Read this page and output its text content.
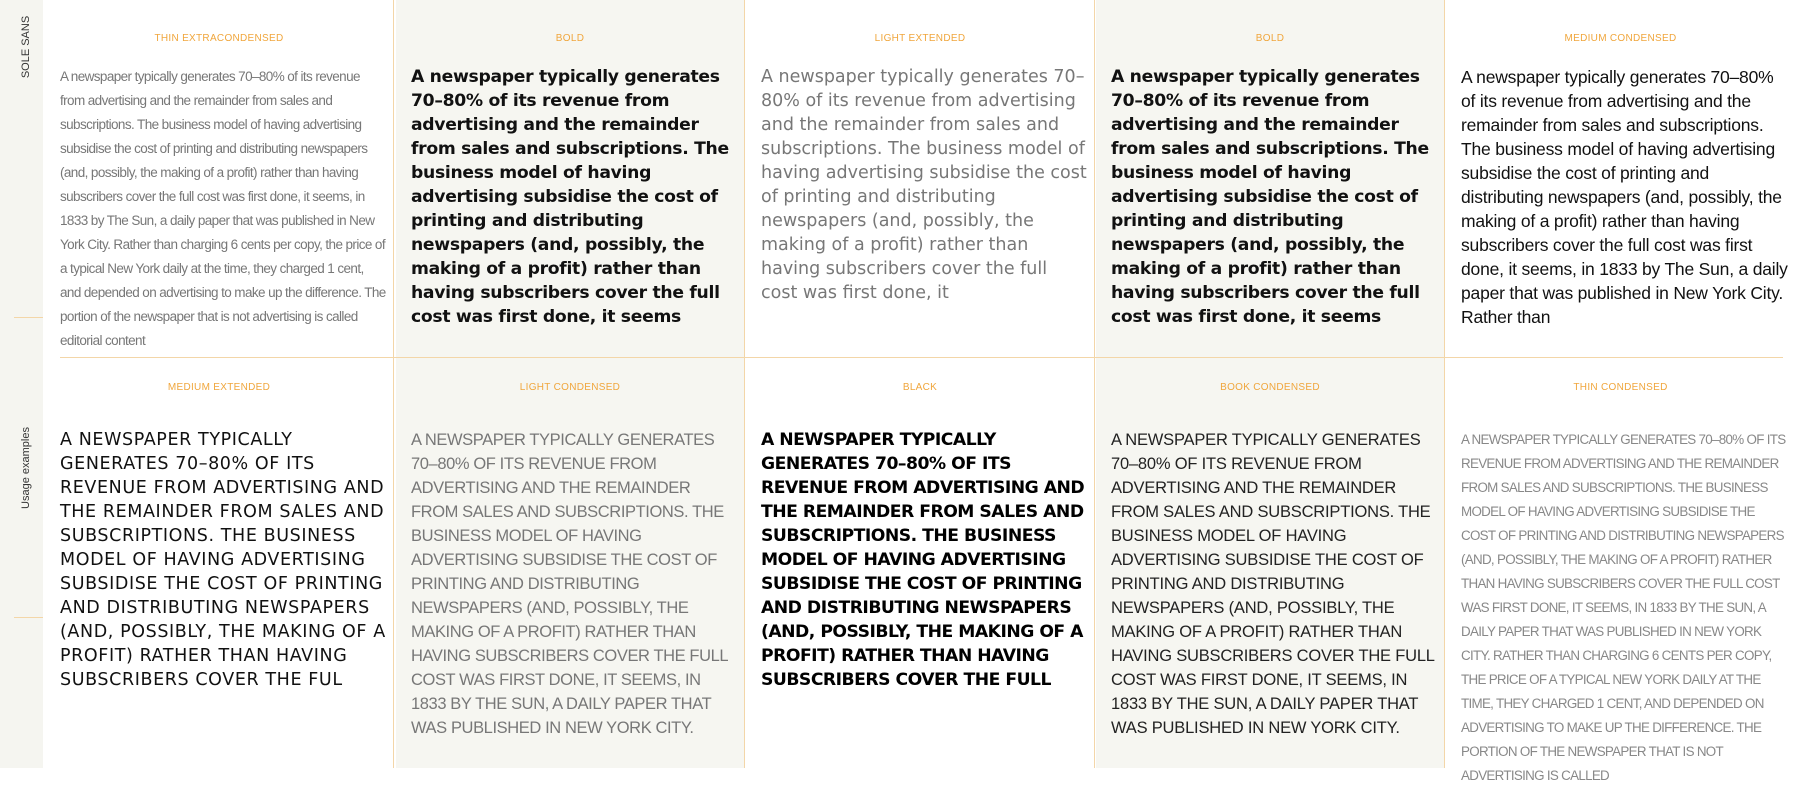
SOLE SANS
Usage examples
THIN EXTRACONDENSED

A newspaper typically generates 70–80% of its revenue from advertising and the remainder from sales and subscriptions. The business model of having advertising subsidise the cost of printing and distributing newspapers (and, possibly, the making of a profit) rather than having subscribers cover the full cost was first done, it seems, in 1833 by The Sun, a daily paper that was published in New York City. Rather than charging 6 cents per copy, the price of a typical New York daily at the time, they charged 1 cent, and depended on advertising to make up the difference. The portion of the newspaper that is not advertising is called editorial content

BOLD

A newspaper typically generates 70–80% of its revenue from advertising and the remainder from sales and subscriptions. The business model of having advertising subsidise the cost of printing and distributing newspapers (and, possibly, the making of a profit) rather than having subscribers cover the full cost was first done, it seems

LIGHT EXTENDED

A newspaper typically generates 70–80% of its revenue from advertising and the remainder from sales and subscriptions. The business model of having advertising subsidise the cost of printing and distributing newspapers (and, possibly, the making of a profit) rather than having subscribers cover the full cost was first done, it

BOLD

A newspaper typically generates 70–80% of its revenue from advertising and the remainder from sales and subscriptions. The business model of having advertising subsidise the cost of printing and distributing newspapers (and, possibly, the making of a profit) rather than having subscribers cover the full cost was first done, it seems

MEDIUM CONDENSED

A newspaper typically generates 70–80% of its revenue from advertising and the remainder from sales and subscriptions. The business model of having advertising subsidise the cost of printing and distributing newspapers (and, possibly, the making of a profit) rather than having subscribers cover the full cost was first done, it seems, in 1833 by The Sun, a daily paper that was published in New York City. Rather than

MEDIUM EXTENDED

A NEWSPAPER TYPICALLY GENERATES 70–80% OF ITS REVENUE FROM ADVERTISING AND THE REMAINDER FROM SALES AND SUBSCRIPTIONS. THE BUSINESS MODEL OF HAVING ADVERTISING SUBSIDISE THE COST OF PRINTING AND DISTRIBUTING NEWSPAPERS (AND, POSSIBLY, THE MAKING OF A PROFIT) RATHER THAN HAVING SUBSCRIBERS COVER THE FUL

LIGHT CONDENSED

A NEWSPAPER TYPICALLY GENERATES 70–80% OF ITS REVENUE FROM ADVERTISING AND THE REMAINDER FROM SALES AND SUBSCRIPTIONS. THE BUSINESS MODEL OF HAVING ADVERTISING SUBSIDISE THE COST OF PRINTING AND DISTRIBUTING NEWSPAPERS (AND, POSSIBLY, THE MAKING OF A PROFIT) RATHER THAN HAVING SUBSCRIBERS COVER THE FULL COST WAS FIRST DONE, IT SEEMS, IN 1833 BY THE SUN, A DAILY PAPER THAT WAS PUBLISHED IN NEW YORK CITY.

BLACK

A NEWSPAPER TYPICALLY GENERATES 70–80% OF ITS REVENUE FROM ADVERTISING AND THE REMAINDER FROM SALES AND SUBSCRIPTIONS. THE BUSINESS MODEL OF HAVING ADVERTISING SUBSIDISE THE COST OF PRINTING AND DISTRIBUTING NEWSPAPERS (AND, POSSIBLY, THE MAKING OF A PROFIT) RATHER THAN HAVING SUBSCRIBERS COVER THE FULL

BOOK CONDENSED

A NEWSPAPER TYPICALLY GENERATES 70–80% OF ITS REVENUE FROM ADVERTISING AND THE REMAINDER FROM SALES AND SUBSCRIPTIONS. THE BUSINESS MODEL OF HAVING ADVERTISING SUBSIDISE THE COST OF PRINTING AND DISTRIBUTING NEWSPAPERS (AND, POSSIBLY, THE MAKING OF A PROFIT) RATHER THAN HAVING SUBSCRIBERS COVER THE FULL COST WAS FIRST DONE, IT SEEMS, IN 1833 BY THE SUN, A DAILY PAPER THAT WAS PUBLISHED IN NEW YORK CITY.

THIN CONDENSED

A NEWSPAPER TYPICALLY GENERATES 70–80% OF ITS REVENUE FROM ADVERTISING AND THE REMAINDER FROM SALES AND SUBSCRIPTIONS. THE BUSINESS MODEL OF HAVING ADVERTISING SUBSIDISE THE COST OF PRINTING AND DISTRIBUTING NEWSPAPERS (AND, POSSIBLY, THE MAKING OF A PROFIT) RATHER THAN HAVING SUBSCRIBERS COVER THE FULL COST WAS FIRST DONE, IT SEEMS, IN 1833 BY THE SUN, A DAILY PAPER THAT WAS PUBLISHED IN NEW YORK CITY. RATHER THAN CHARGING 6 CENTS PER COPY, THE PRICE OF A TYPICAL NEW YORK DAILY AT THE TIME, THEY CHARGED 1 CENT, AND DEPENDED ON ADVERTISING TO MAKE UP THE DIFFERENCE. THE PORTION OF THE NEWSPAPER THAT IS NOT ADVERTISING IS CALLED
